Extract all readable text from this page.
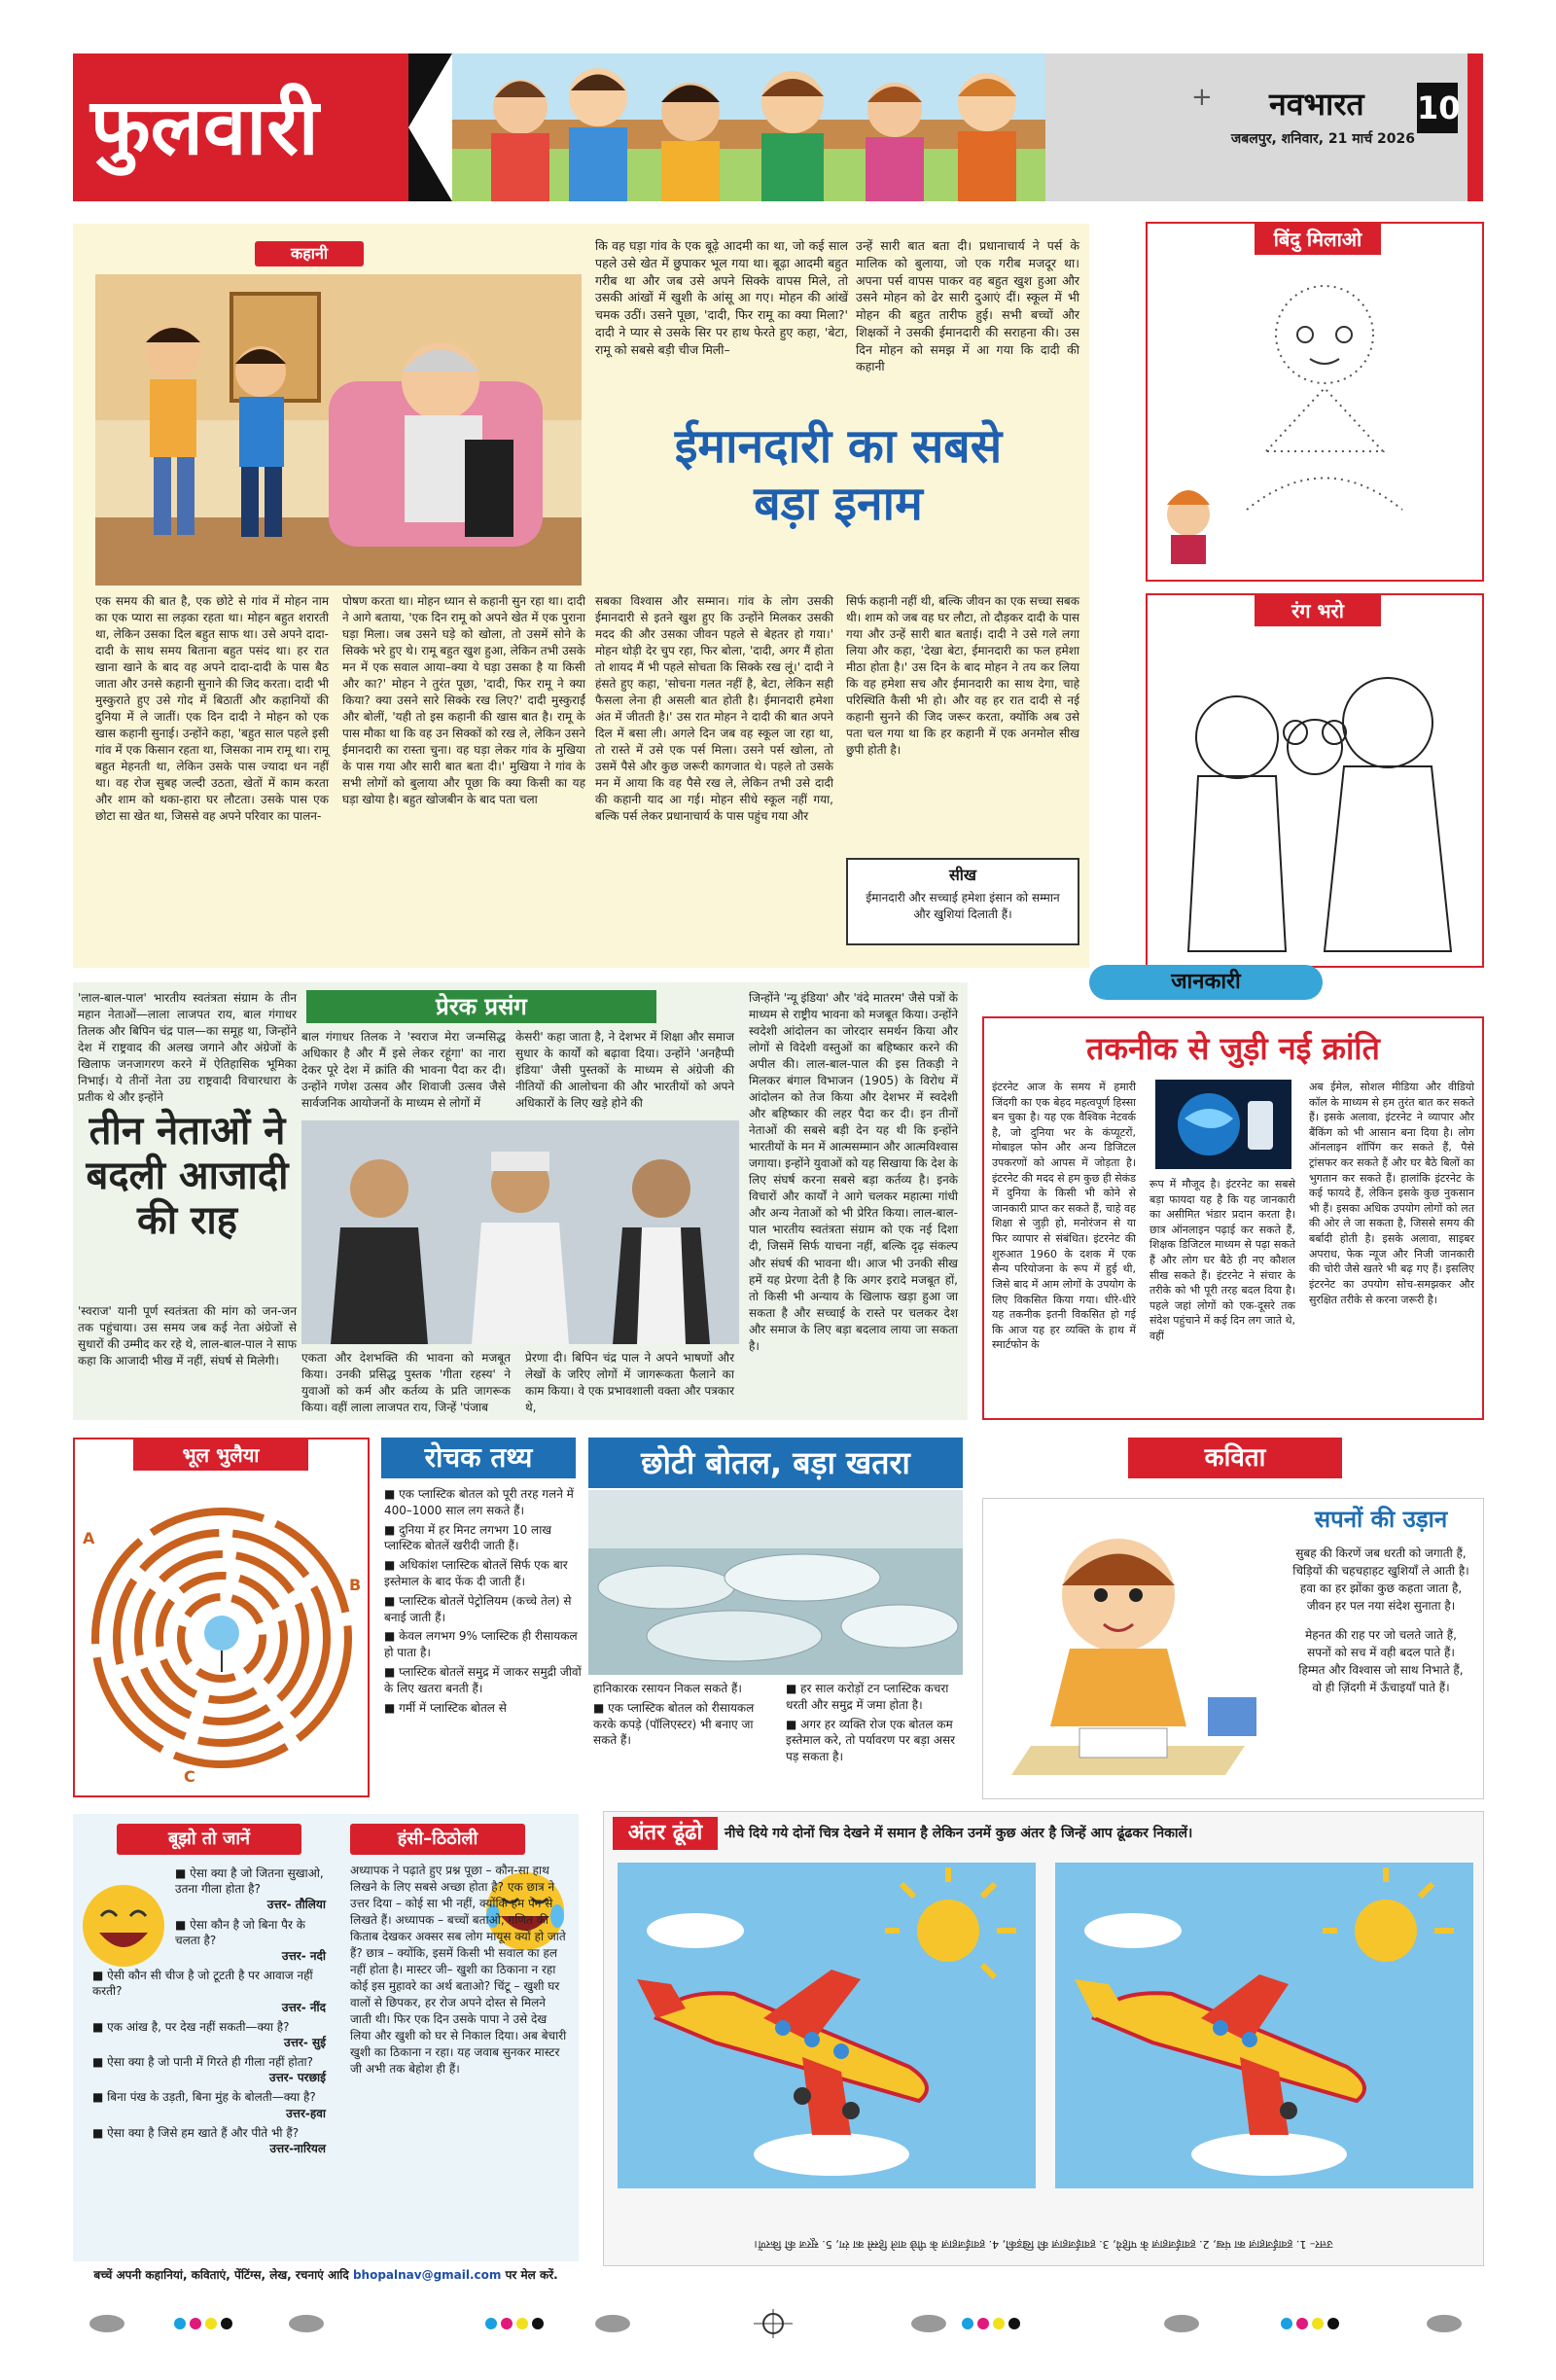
फुलवारी	नवभारत 10
जबलपुर, शनिवार, 21 मार्च 2026
+
कहानी	कि वह घड़ा गांव के एक बूढ़े आदमी का था, जो कई साल पहले उसे खेत में छुपाकर भूल गया था। बूढ़ा आदमी बहुत गरीब था और जब उसे अपने सिक्के वापस मिले, तो उसकी आंखों में खुशी के आंसू आ गए। मोहन की आंखें चमक उठीं। उसने पूछा, 'दादी, फिर रामू का क्या मिला?' दादी ने प्यार से उसके सिर पर हाथ फेरते हुए कहा, 'बेटा, रामू को सबसे बड़ी चीज मिली–
उन्हें सारी बात बता दी। प्रधानाचार्य ने पर्स के मालिक को बुलाया, जो एक गरीब मजदूर था। अपना पर्स वापस पाकर वह बहुत खुश हुआ और उसने मोहन को ढेर सारी दुआएं दीं। स्कूल में भी मोहन की बहुत तारीफ हुई। सभी बच्चों और शिक्षकों ने उसकी ईमानदारी की सराहना की। उस दिन मोहन को समझ में आ गया कि दादी की कहानी
ईमानदारी का सबसे
बड़ा इनाम
एक समय की बात है, एक छोटे से गांव में मोहन नाम का एक प्यारा सा लड़का रहता था। मोहन बहुत शरारती था, लेकिन उसका दिल बहुत साफ था। उसे अपने दादा-दादी के साथ समय बिताना बहुत पसंद था। हर रात खाना खाने के बाद वह अपने दादा-दादी के पास बैठ जाता और उनसे कहानी सुनाने की जिद करता। दादी भी मुस्कुराते हुए उसे गोद में बिठातीं और कहानियों की दुनिया में ले जातीं। एक दिन दादी ने मोहन को एक खास कहानी सुनाई। उन्होंने कहा, 'बहुत साल पहले इसी गांव में एक किसान रहता था, जिसका नाम रामू था। रामू बहुत मेहनती था, लेकिन उसके पास ज्यादा धन नहीं था। वह रोज सुबह जल्दी उठता, खेतों में काम करता और शाम को थका-हारा घर लौटता। उसके पास एक छोटा सा खेत था, जिससे वह अपने परिवार का पालन-
पोषण करता था। मोहन ध्यान से कहानी सुन रहा था। दादी ने आगे बताया, 'एक दिन रामू को अपने खेत में एक पुराना घड़ा मिला। जब उसने घड़े को खोला, तो उसमें सोने के सिक्के भरे हुए थे। रामू बहुत खुश हुआ, लेकिन तभी उसके मन में एक सवाल आया–क्या ये घड़ा उसका है या किसी और का?' मोहन ने तुरंत पूछा, 'दादी, फिर रामू ने क्या किया? क्या उसने सारे सिक्के रख लिए?' दादी मुस्कुराईं और बोलीं, 'यही तो इस कहानी की खास बात है। रामू के पास मौका था कि वह उन सिक्कों को रख ले, लेकिन उसने ईमानदारी का रास्ता चुना। वह घड़ा लेकर गांव के मुखिया के पास गया और सारी बात बता दी।' मुखिया ने गांव के सभी लोगों को बुलाया और पूछा कि क्या किसी का यह घड़ा खोया है। बहुत खोजबीन के बाद पता चला
सबका विश्वास और सम्मान। गांव के लोग उसकी ईमानदारी से इतने खुश हुए कि उन्होंने मिलकर उसकी मदद की और उसका जीवन पहले से बेहतर हो गया।' मोहन थोड़ी देर चुप रहा, फिर बोला, 'दादी, अगर मैं होता तो शायद मैं भी पहले सोचता कि सिक्के रख लूं।' दादी ने हंसते हुए कहा, 'सोचना गलत नहीं है, बेटा, लेकिन सही फैसला लेना ही असली बात होती है। ईमानदारी हमेशा अंत में जीतती है।' उस रात मोहन ने दादी की बात अपने दिल में बसा ली। अगले दिन जब वह स्कूल जा रहा था, तो रास्ते में उसे एक पर्स मिला। उसने पर्स खोला, तो उसमें पैसे और कुछ जरूरी कागजात थे। पहले तो उसके मन में आया कि वह पैसे रख ले, लेकिन तभी उसे दादी की कहानी याद आ गई। मोहन सीधे स्कूल नहीं गया, बल्कि पर्स लेकर प्रधानाचार्य के पास पहुंच गया और
सिर्फ कहानी नहीं थी, बल्कि जीवन का एक सच्चा सबक थी। शाम को जब वह घर लौटा, तो दौड़कर दादी के पास गया और उन्हें सारी बात बताई। दादी ने उसे गले लगा लिया और कहा, 'देखा बेटा, ईमानदारी का फल हमेशा मीठा होता है।' उस दिन के बाद मोहन ने तय कर लिया कि वह हमेशा सच और ईमानदारी का साथ देगा, चाहे परिस्थिति कैसी भी हो। और वह हर रात दादी से नई कहानी सुनने की जिद जरूर करता, क्योंकि अब उसे पता चल गया था कि हर कहानी में एक अनमोल सीख छुपी होती है।
सीख
ईमानदारी और सच्चाई हमेशा इंसान को सम्मान और खुशियां दिलाती हैं।
बिंदु मिलाओ
रंग भरो
प्रेरक प्रसंग
'लाल-बाल-पाल' भारतीय स्वतंत्रता संग्राम के तीन महान नेताओं—लाला लाजपत राय, बाल गंगाधर तिलक और बिपिन चंद्र पाल—का समूह था, जिन्होंने देश में राष्ट्रवाद की अलख जगाने और अंग्रेजों के खिलाफ जनजागरण करने में ऐतिहासिक भूमिका निभाई। ये तीनों नेता उग्र राष्ट्रवादी विचारधारा के प्रतीक थे और इन्होंने
तीन नेताओं ने
बदली आजादी
की राह
'स्वराज' यानी पूर्ण स्वतंत्रता की मांग को जन-जन तक पहुंचाया। उस समय जब कई नेता अंग्रेजों से सुधारों की उम्मीद कर रहे थे, लाल-बाल-पाल ने साफ कहा कि आजादी भीख में नहीं, संघर्ष से मिलेगी।
बाल गंगाधर तिलक ने 'स्वराज मेरा जन्मसिद्ध अधिकार है और मैं इसे लेकर रहूंगा' का नारा देकर पूरे देश में क्रांति की भावना पैदा कर दी। उन्होंने गणेश उत्सव और शिवाजी उत्सव जैसे सार्वजनिक आयोजनों के माध्यम से लोगों में
केसरी' कहा जाता है, ने देशभर में शिक्षा और समाज सुधार के कार्यों को बढ़ावा दिया। उन्होंने 'अनहैप्पी इंडिया' जैसी पुस्तकों के माध्यम से अंग्रेजी की नीतियों की आलोचना की और भारतीयों को अपने अधिकारों के लिए खड़े होने की
जिन्होंने 'न्यू इंडिया' और 'वंदे मातरम' जैसे पत्रों के माध्यम से राष्ट्रीय भावना को मजबूत किया। उन्होंने स्वदेशी आंदोलन का जोरदार समर्थन किया और लोगों से विदेशी वस्तुओं का बहिष्कार करने की अपील की। लाल-बाल-पाल की इस तिकड़ी ने मिलकर बंगाल विभाजन (1905) के विरोध में आंदोलन को तेज किया और देशभर में स्वदेशी और बहिष्कार की लहर पैदा कर दी। इन तीनों नेताओं की सबसे बड़ी देन यह थी कि इन्होंने भारतीयों के मन में आत्मसम्मान और आत्मविश्वास जगाया। इन्होंने युवाओं को यह सिखाया कि देश के लिए संघर्ष करना सबसे बड़ा कर्तव्य है। इनके विचारों और कार्यों ने आगे चलकर महात्मा गांधी और अन्य नेताओं को भी प्रेरित किया। लाल-बाल-पाल भारतीय स्वतंत्रता संग्राम को एक नई दिशा दी, जिसमें सिर्फ याचना नहीं, बल्कि दृढ़ संकल्प और संघर्ष की भावना थी। आज भी उनकी सीख हमें यह प्रेरणा देती है कि अगर इरादे मजबूत हों, तो किसी भी अन्याय के खिलाफ खड़ा हुआ जा सकता है और सच्चाई के रास्ते पर चलकर देश और समाज के लिए बड़ा बदलाव लाया जा सकता है।
एकता और देशभक्ति की भावना को मजबूत किया। उनकी प्रसिद्ध पुस्तक 'गीता रहस्य' ने युवाओं को कर्म और कर्तव्य के प्रति जागरूक किया। वहीं लाला लाजपत राय, जिन्हें 'पंजाब
प्रेरणा दी। बिपिन चंद्र पाल ने अपने भाषणों और लेखों के जरिए लोगों में जागरूकता फैलाने का काम किया। वे एक प्रभावशाली वक्ता और पत्रकार थे,
जानकारी
तकनीक से जुड़ी नई क्रांति
इंटरनेट आज के समय में हमारी जिंदगी का एक बेहद महत्वपूर्ण हिस्सा बन चुका है। यह एक वैश्विक नेटवर्क है, जो दुनिया भर के कंप्यूटरों, मोबाइल फोन और अन्य डिजिटल उपकरणों को आपस में जोड़ता है। इंटरनेट की मदद से हम कुछ ही सेकंड में दुनिया के किसी भी कोने से जानकारी प्राप्त कर सकते हैं, चाहे वह शिक्षा से जुड़ी हो, मनोरंजन से या फिर व्यापार से संबंधित। इंटरनेट की शुरुआत 1960 के दशक में एक सैन्य परियोजना के रूप में हुई थी, जिसे बाद में आम लोगों के उपयोग के लिए विकसित किया गया। धीरे-धीरे यह तकनीक इतनी विकसित हो गई कि आज यह हर व्यक्ति के हाथ में स्मार्टफोन के
रूप में मौजूद है। इंटरनेट का सबसे बड़ा फायदा यह है कि यह जानकारी का असीमित भंडार प्रदान करता है। छात्र ऑनलाइन पढ़ाई कर सकते हैं, शिक्षक डिजिटल माध्यम से पढ़ा सकते हैं और लोग घर बैठे ही नए कौशल सीख सकते हैं। इंटरनेट ने संचार के तरीके को भी पूरी तरह बदल दिया है। पहले जहां लोगों को एक-दूसरे तक संदेश पहुंचाने में कई दिन लग जाते थे, वहीं
अब ईमेल, सोशल मीडिया और वीडियो कॉल के माध्यम से हम तुरंत बात कर सकते हैं। इसके अलावा, इंटरनेट ने व्यापार और बैंकिंग को भी आसान बना दिया है। लोग ऑनलाइन शॉपिंग कर सकते हैं, पैसे ट्रांसफर कर सकते हैं और घर बैठे बिलों का भुगतान कर सकते हैं। हालांकि इंटरनेट के कई फायदे हैं, लेकिन इसके कुछ नुकसान भी हैं। इसका अधिक उपयोग लोगों को लत की ओर ले जा सकता है, जिससे समय की बर्बादी होती है। इसके अलावा, साइबर अपराध, फेक न्यूज और निजी जानकारी की चोरी जैसे खतरे भी बढ़ गए हैं। इसलिए इंटरनेट का उपयोग सोच-समझकर और सुरक्षित तरीके से करना जरूरी है।
भूल भुलैया
A
B
C
रोचक तथ्य
■ एक प्लास्टिक बोतल को पूरी तरह गलने में 400–1000 साल लग सकते हैं।
■ दुनिया में हर मिनट लगभग 10 लाख प्लास्टिक बोतलें खरीदी जाती हैं।
■ अधिकांश प्लास्टिक बोतलें सिर्फ एक बार इस्तेमाल के बाद फेंक दी जाती हैं।
■ प्लास्टिक बोतलें पेट्रोलियम (कच्चे तेल) से बनाई जाती हैं।
■ केवल लगभग 9% प्लास्टिक ही रीसायकल हो पाता है।
■ प्लास्टिक बोतलें समुद्र में जाकर समुद्री जीवों के लिए खतरा बनती हैं।
■ गर्मी में प्लास्टिक बोतल से
छोटी बोतल, बड़ा खतरा
हानिकारक रसायन निकल सकते हैं।
■ एक प्लास्टिक बोतल को रीसायकल करके कपड़े (पॉलिएस्टर) भी बनाए जा सकते हैं।
■ हर साल करोड़ों टन प्लास्टिक कचरा धरती और समुद्र में जमा होता है।
■ अगर हर व्यक्ति रोज एक बोतल कम इस्तेमाल करे, तो पर्यावरण पर बड़ा असर पड़ सकता है।
कविता
सपनों की उड़ान
सुबह की किरणें जब धरती को जगाती हैं,
चिड़ियों की चहचहाहट खुशियाँ ले आती है।
हवा का हर झोंका कुछ कहता जाता है,
जीवन हर पल नया संदेश सुनाता है।
मेहनत की राह पर जो चलते जाते हैं,
सपनों को सच में वही बदल पाते हैं।
हिम्मत और विश्वास जो साथ निभाते हैं,
वो ही ज़िंदगी में ऊँचाइयाँ पाते हैं।
बूझो तो जानें
■ ऐसा क्या है जो जितना सुखाओ, उतना गीला होता है?
उत्तर- तौलिया
■ ऐसा कौन है जो बिना पैर के चलता है?
उत्तर- नदी
■ ऐसी कौन सी चीज है जो टूटती है पर आवाज नहीं करती?
उत्तर- नींद
■ एक आंख है, पर देख नहीं सकती—क्या है?
उत्तर- सुई
■ ऐसा क्या है जो पानी में गिरते ही गीला नहीं होता?
उत्तर- परछाई
■ बिना पंख के उड़ती, बिना मुंह के बोलती—क्या है?
उत्तर-हवा
■ ऐसा क्या है जिसे हम खाते हैं और पीते भी हैं?
उत्तर-नारियल
हंसी–ठिठोली
अध्यापक ने पढ़ाते हुए प्रश्न पूछा – कौन-सा हाथ लिखने के लिए सबसे अच्छा होता है? एक छात्र ने उत्तर दिया – कोई सा भी नहीं, क्योंकि हम पेन से लिखते हैं। अध्यापक – बच्चों बताओ, गणित की किताब देखकर अक्सर सब लोग मायूस क्यों हो जाते हैं? छात्र – क्योंकि, इसमें किसी भी सवाल का हल नहीं होता है। मास्टर जी– खुशी का ठिकाना न रहा कोई इस मुहावरे का अर्थ बताओ? चिंटू – खुशी घर वालों से छिपकर, हर रोज अपने दोस्त से मिलने जाती थी। फिर एक दिन उसके पापा ने उसे देख लिया और खुशी को घर से निकाल दिया। अब बेचारी खुशी का ठिकाना न रहा। यह जवाब सुनकर मास्टर जी अभी तक बेहोश ही हैं।
बच्चें अपनी कहानियां, कविताएं, पेंटिंग्स, लेख, रचनाएं आदि bhopalnav@gmail.com पर मेल करें.
अंतर ढूंढो	नीचे दिये गये दोनों चित्र देखने में समान है लेकिन उनमें कुछ अंतर है जिन्हें आप ढूंढकर निकालें।
उत्तर– 1. हवाईजहाज़ का पंख, 2. हवाईजहाज़ के पहिये, 3. हवाईजहाज़ की खिड़की, 4. हवाईजहाज़ के पीछे वाले हिस्से का रंग, 5. सूरज की किरणें।
